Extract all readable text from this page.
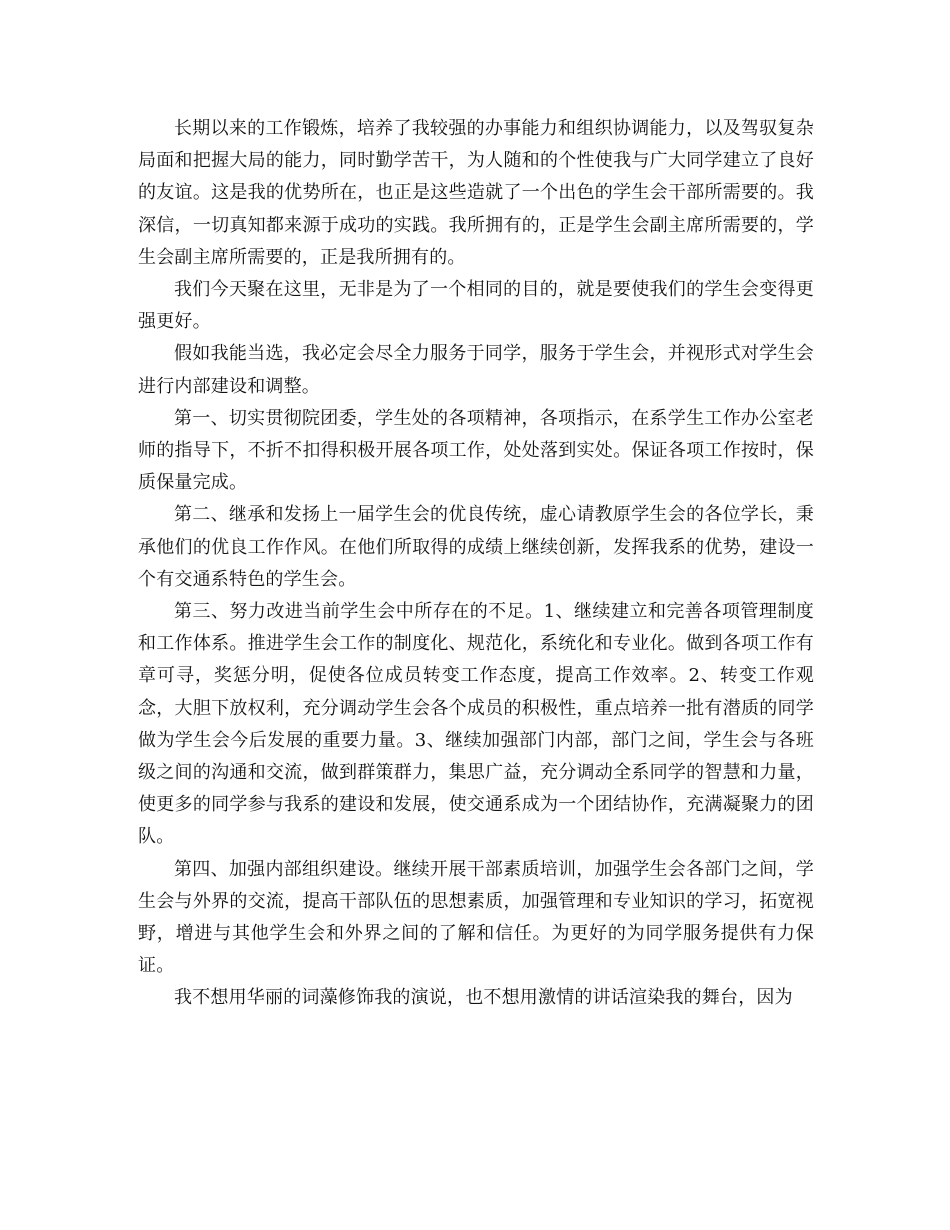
长期以来的工作锻炼，培养了我较强的办事能力和组织协调能力，以及驾驭复杂局面和把握大局的能力，同时勤学苦干，为人随和的个性使我与广大同学建立了良好的友谊。这是我的优势所在，也正是这些造就了一个出色的学生会干部所需要的。我深信，一切真知都来源于成功的实践。我所拥有的，正是学生会副主席所需要的，学生会副主席所需要的，正是我所拥有的。

我们今天聚在这里，无非是为了一个相同的目的，就是要使我们的学生会变得更强更好。

假如我能当选，我必定会尽全力服务于同学，服务于学生会，并视形式对学生会进行内部建设和调整。

第一、切实贯彻院团委，学生处的各项精神，各项指示，在系学生工作办公室老师的指导下，不折不扣得积极开展各项工作，处处落到实处。保证各项工作按时，保质保量完成。

第二、继承和发扬上一届学生会的优良传统，虚心请教原学生会的各位学长，秉承他们的优良工作作风。在他们所取得的成绩上继续创新，发挥我系的优势，建设一个有交通系特色的学生会。

第三、努力改进当前学生会中所存在的不足。1、继续建立和完善各项管理制度和工作体系。推进学生会工作的制度化、规范化，系统化和专业化。做到各项工作有章可寻，奖惩分明，促使各位成员转变工作态度，提高工作效率。2、转变工作观念，大胆下放权利，充分调动学生会各个成员的积极性，重点培养一批有潜质的同学做为学生会今后发展的重要力量。3、继续加强部门内部，部门之间，学生会与各班级之间的沟通和交流，做到群策群力，集思广益，充分调动全系同学的智慧和力量，使更多的同学参与我系的建设和发展，使交通系成为一个团结协作，充满凝聚力的团队。

第四、加强内部组织建设。继续开展干部素质培训，加强学生会各部门之间，学生会与外界的交流，提高干部队伍的思想素质，加强管理和专业知识的学习，拓宽视野，增进与其他学生会和外界之间的了解和信任。为更好的为同学服务提供有力保证。

我不想用华丽的词藻修饰我的演说，也不想用激情的讲话渲染我的舞台，因为
